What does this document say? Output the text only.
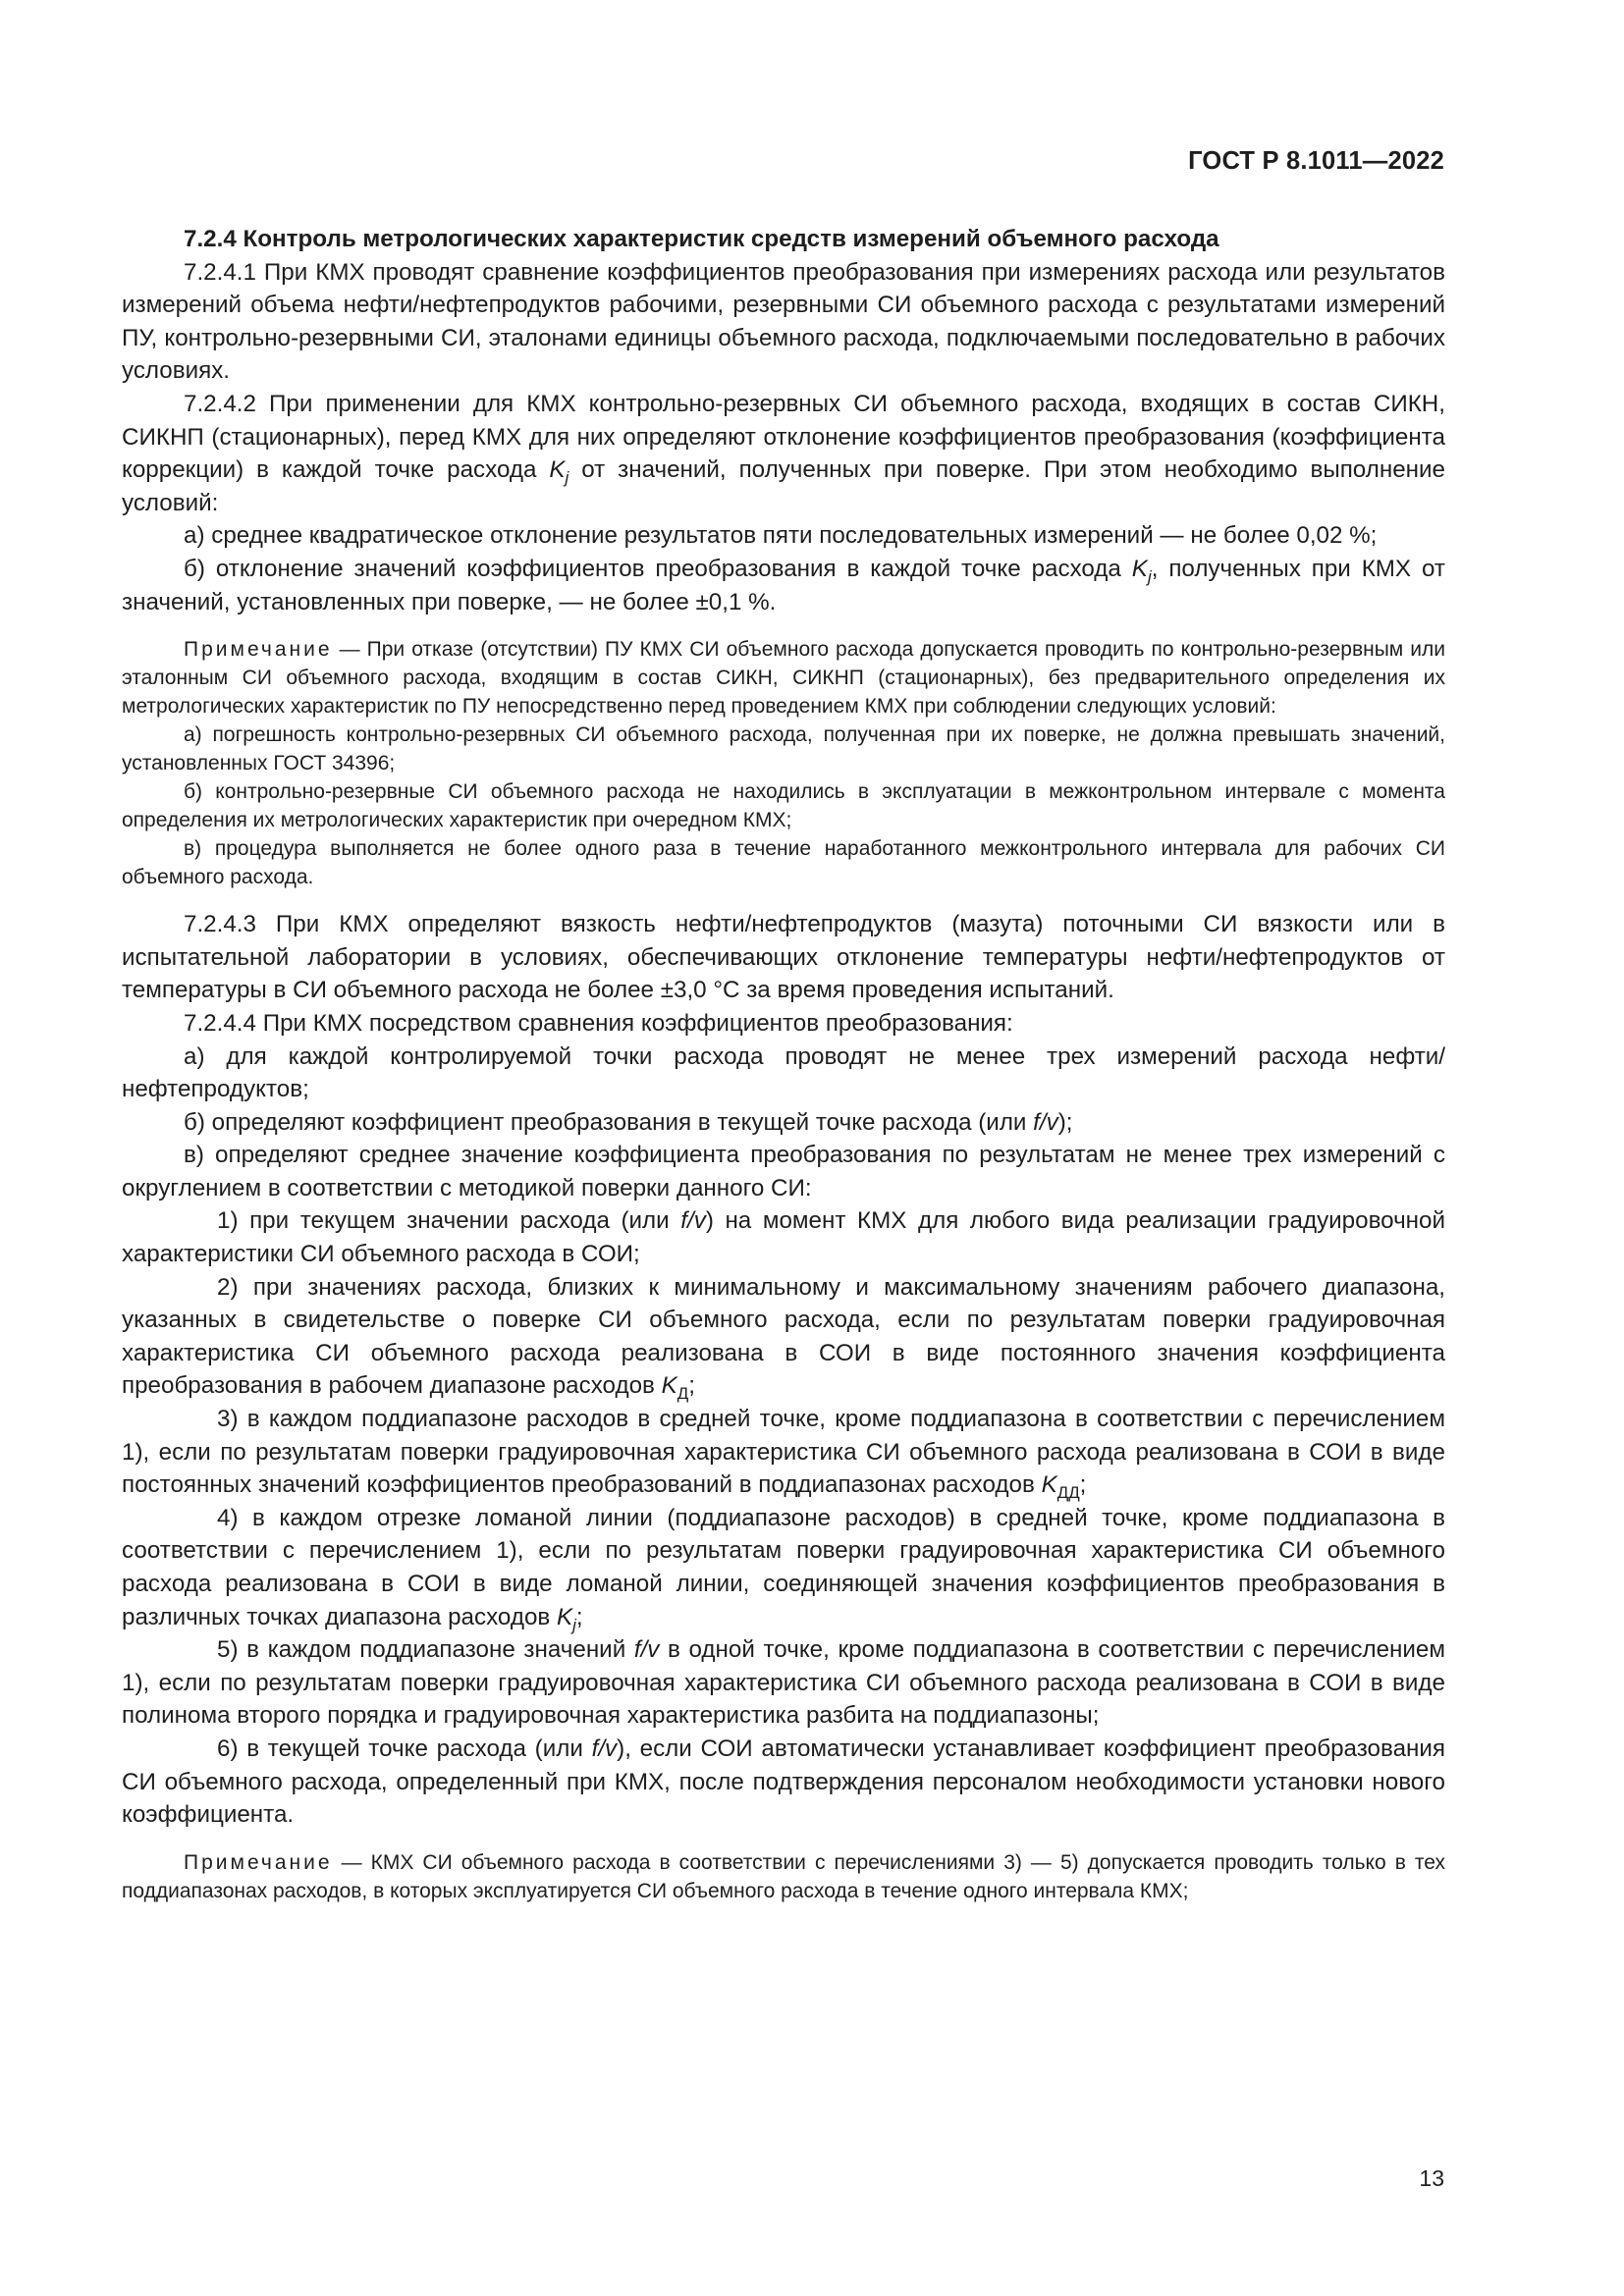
ГОСТ Р 8.1011—2022

7.2.4 Контроль метрологических характеристик средств измерений объемного расхода

7.2.4.1 При КМХ проводят сравнение коэффициентов преобразования при измерениях расхода или результатов измерений объема нефти/нефтепродуктов рабочими, резервными СИ объемного расхода с результатами измерений ПУ, контрольно-резервными СИ, эталонами единицы объемного расхода, подключаемыми последовательно в рабочих условиях.

7.2.4.2 При применении для КМХ контрольно-резервных СИ объемного расхода, входящих в состав СИКН, СИКНП (стационарных), перед КМХ для них определяют отклонение коэффициентов преобразования (коэффициента коррекции) в каждой точке расхода $K_j$ от значений, полученных при поверке. При этом необходимо выполнение условий:

а) среднее квадратическое отклонение результатов пяти последовательных измерений — не более 0,02 %;

б) отклонение значений коэффициентов преобразования в каждой точке расхода $K_j$, полученных при КМХ от значений, установленных при поверке, — не более ±0,1 %.

Примечание — При отказе (отсутствии) ПУ КМХ СИ объемного расхода допускается проводить по контрольно-резервным или эталонным СИ объемного расхода, входящим в состав СИКН, СИКНП (стационарных), без предварительного определения их метрологических характеристик по ПУ непосредственно перед проведением КМХ при соблюдении следующих условий:

а) погрешность контрольно-резервных СИ объемного расхода, полученная при их поверке, не должна превышать значений, установленных ГОСТ 34396;

б) контрольно-резервные СИ объемного расхода не находились в эксплуатации в межконтрольном интервале с момента определения их метрологических характеристик при очередном КМХ;

в) процедура выполняется не более одного раза в течение наработанного межконтрольного интервала для рабочих СИ объемного расхода.

7.2.4.3 При КМХ определяют вязкость нефти/нефтепродуктов (мазута) поточными СИ вязкости или в испытательной лаборатории в условиях, обеспечивающих отклонение температуры нефти/нефтепродуктов от температуры в СИ объемного расхода не более ±3,0 °С за время проведения испытаний.

7.2.4.4 При КМХ посредством сравнения коэффициентов преобразования:

а) для каждой контролируемой точки расхода проводят не менее трех измерений расхода нефти/нефтепродуктов;

б) определяют коэффициент преобразования в текущей точке расхода (или f/v);

в) определяют среднее значение коэффициента преобразования по результатам не менее трех измерений с округлением в соответствии с методикой поверки данного СИ:

1) при текущем значении расхода (или f/v) на момент КМХ для любого вида реализации градуировочной характеристики СИ объемного расхода в СОИ;

2) при значениях расхода, близких к минимальному и максимальному значениям рабочего диапазона, указанных в свидетельстве о поверке СИ объемного расхода, если по результатам поверки градуировочная характеристика СИ объемного расхода реализована в СОИ в виде постоянного значения коэффициента преобразования в рабочем диапазоне расходов $K_Д$;

3) в каждом поддиапазоне расходов в средней точке, кроме поддиапазона в соответствии с перечислением 1), если по результатам поверки градуировочная характеристика СИ объемного расхода реализована в СОИ в виде постоянных значений коэффициентов преобразований в поддиапазонах расходов $K_{ДД}$;

4) в каждом отрезке ломаной линии (поддиапазоне расходов) в средней точке, кроме поддиапазона в соответствии с перечислением 1), если по результатам поверки градуировочная характеристика СИ объемного расхода реализована в СОИ в виде ломаной линии, соединяющей значения коэффициентов преобразования в различных точках диапазона расходов $K_j$;

5) в каждом поддиапазоне значений f/v в одной точке, кроме поддиапазона в соответствии с перечислением 1), если по результатам поверки градуировочная характеристика СИ объемного расхода реализована в СОИ в виде полинома второго порядка и градуировочная характеристика разбита на поддиапазоны;

6) в текущей точке расхода (или f/v), если СОИ автоматически устанавливает коэффициент преобразования СИ объемного расхода, определенный при КМХ, после подтверждения персоналом необходимости установки нового коэффициента.

Примечание — КМХ СИ объемного расхода в соответствии с перечислениями 3) — 5) допускается проводить только в тех поддиапазонах расходов, в которых эксплуатируется СИ объемного расхода в течение одного интервала КМХ;

13
